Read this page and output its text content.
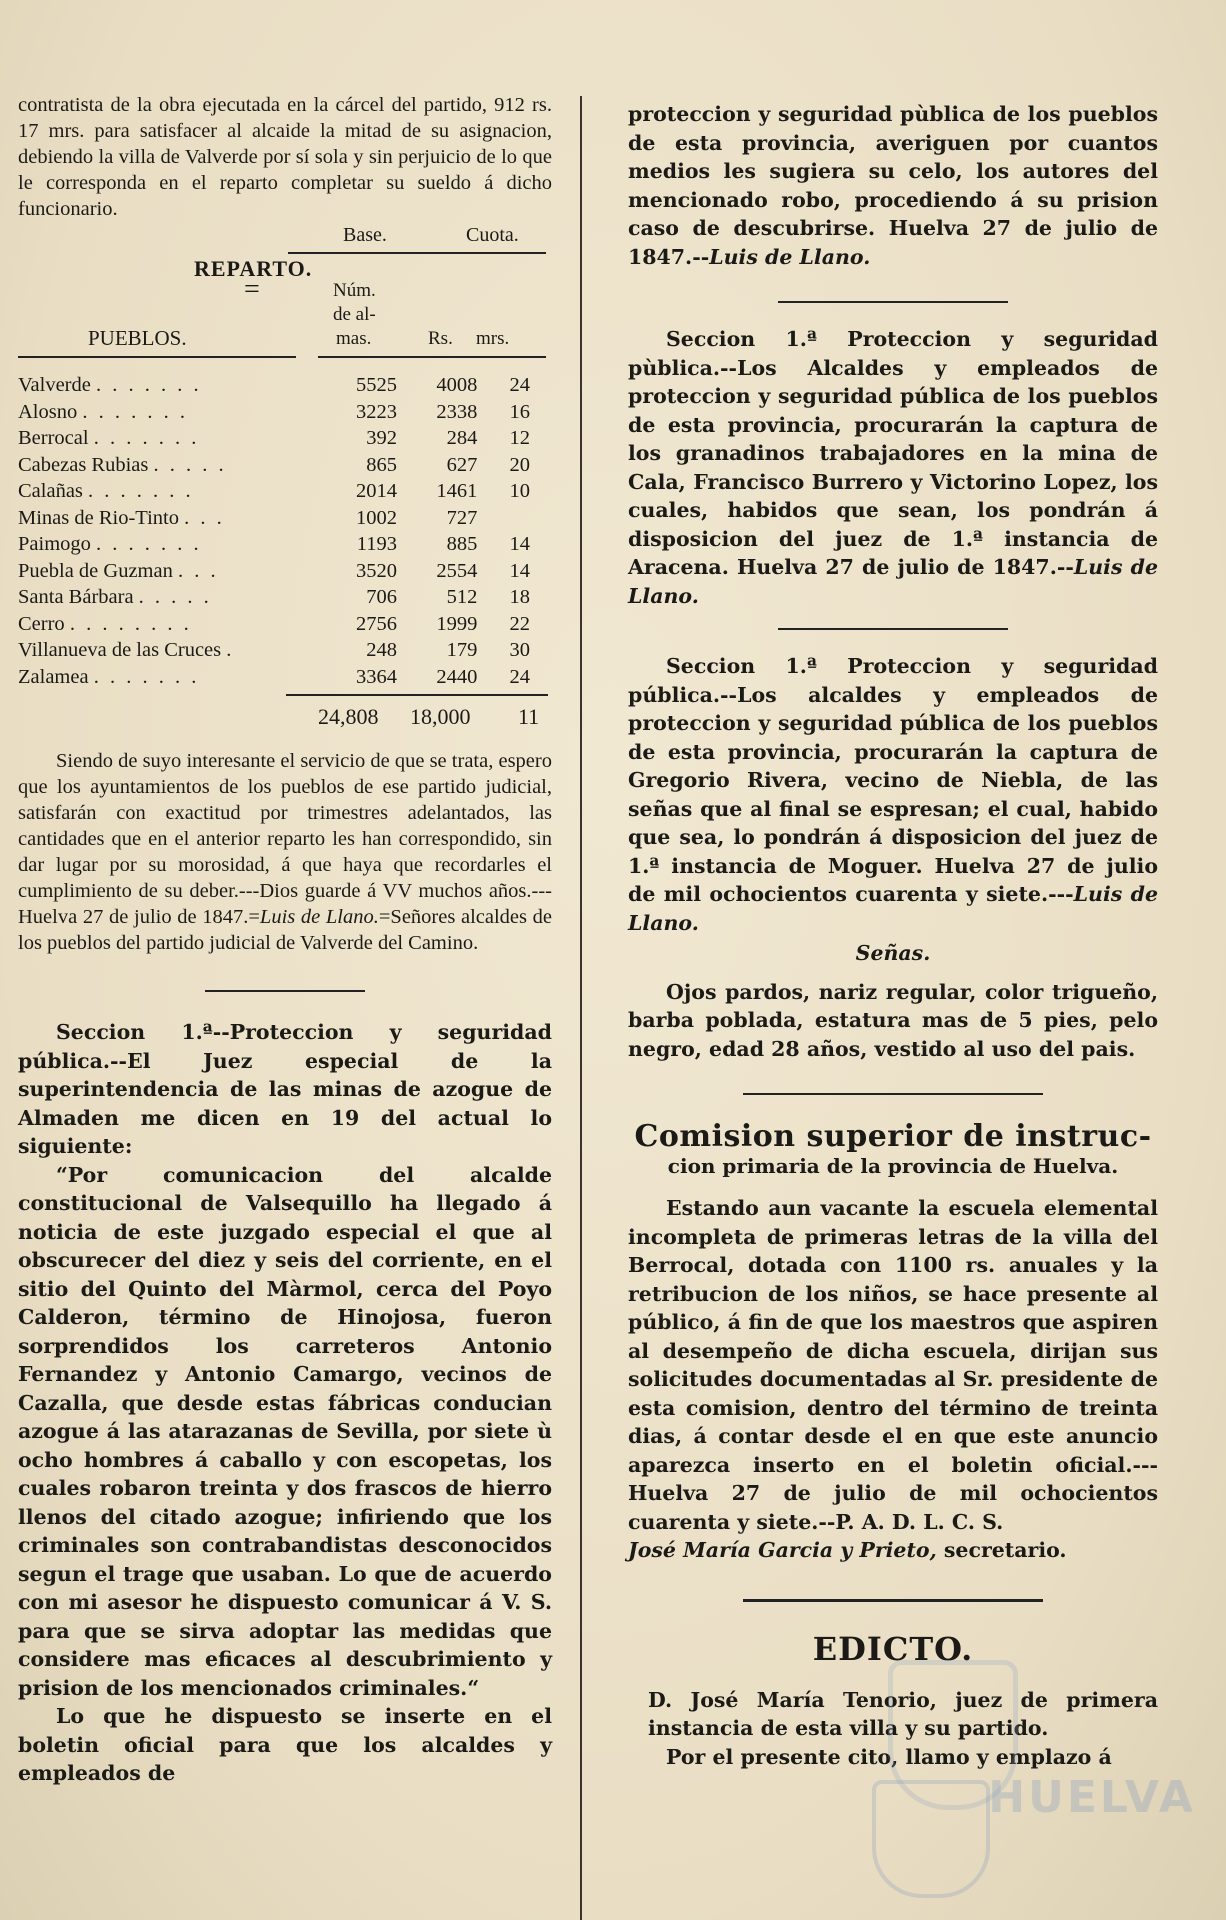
contratista de la obra ejecutada en la cárcel del partido, 912 rs. 17 mrs. para satisfacer al alcaide la mitad de su asignacion, debiendo la villa de Valverde por sí sola y sin perjuicio de lo que le corresponda en el reparto completar su sueldo á dicho funcionario.

Base.	Cuota.
REPARTO.
=	Núm.
de al-
mas.
PUEBLOS.	Rs. mrs.
Valverde . . . . . . .	5525	4008	24
Alosno . . . . . . .	3223	2338	16
Berrocal . . . . . . .	392	284	12
Cabezas Rubias . . . . .	865	627	20
Calañas . . . . . . .	2014	1461	10
Minas de Rio-Tinto . . .	1002	727	
Paimogo . . . . . . .	1193	885	14
Puebla de Guzman . . .	3520	2554	14
Santa Bárbara . . . . .	706	512	18
Cerro . . . . . . . .	2756	1999	22
Villanueva de las Cruces .	248	179	30
Zalamea . . . . . . .	3364	2440	24
24,808 18,000 11

Siendo de suyo interesante el servicio de que se trata, espero que los ayuntamientos de los pueblos de ese partido judicial, satisfarán con exactitud por trimestres adelantados, las cantidades que en el anterior reparto les han correspondido, sin dar lugar por su morosidad, á que haya que recordarles el cumplimiento de su deber.---Dios guarde á VV muchos años.---Huelva 27 de julio de 1847.=Luis de Llano.=Señores alcaldes de los pueblos del partido judicial de Valverde del Camino.

Seccion 1.ª--Proteccion y seguridad pública.--El Juez especial de la superintendencia de las minas de azogue de Almaden me dicen en 19 del actual lo siguiente:

“Por comunicacion del alcalde constitucional de Valsequillo ha llegado á noticia de este juzgado especial el que al obscurecer del diez y seis del corriente, en el sitio del Quinto del Màrmol, cerca del Poyo Calderon, término de Hinojosa, fueron sorprendidos los carreteros Antonio Fernandez y Antonio Camargo, vecinos de Cazalla, que desde estas fábricas conducian azogue á las atarazanas de Sevilla, por siete ù ocho hombres á caballo y con escopetas, los cuales robaron treinta y dos frascos de hierro llenos del citado azogue; infiriendo que los criminales son contrabandistas desconocidos segun el trage que usaban. Lo que de acuerdo con mi asesor he dispuesto comunicar á V. S. para que se sirva adoptar las medidas que considere mas eficaces al descubrimiento y prision de los mencionados criminales.“

Lo que he dispuesto se inserte en el boletin oficial para que los alcaldes y empleados de

proteccion y seguridad pùblica de los pueblos de esta provincia, averiguen por cuantos medios les sugiera su celo, los autores del mencionado robo, procediendo á su prision caso de descubrirse. Huelva 27 de julio de 1847.--Luis de Llano.

Seccion 1.ª Proteccion y seguridad pùblica.--Los Alcaldes y empleados de proteccion y seguridad pública de los pueblos de esta provincia, procurarán la captura de los granadinos trabajadores en la mina de Cala, Francisco Burrero y Victorino Lopez, los cuales, habidos que sean, los pondrán á disposicion del juez de 1.ª instancia de Aracena. Huelva 27 de julio de 1847.--Luis de Llano.

Seccion 1.ª Proteccion y seguridad pública.--Los alcaldes y empleados de proteccion y seguridad pública de los pueblos de esta provincia, procurarán la captura de Gregorio Rivera, vecino de Niebla, de las señas que al final se espresan; el cual, habido que sea, lo pondrán á disposicion del juez de 1.ª instancia de Moguer. Huelva 27 de julio de mil ochocientos cuarenta y siete.---Luis de Llano.

Señas.

Ojos pardos, nariz regular, color trigueño, barba poblada, estatura mas de 5 pies, pelo negro, edad 28 años, vestido al uso del pais.

Comision superior de instruc-
cion primaria de la provincia de Huelva.

Estando aun vacante la escuela elemental incompleta de primeras letras de la villa del Berrocal, dotada con 1100 rs. anuales y la retribucion de los niños, se hace presente al público, á fin de que los maestros que aspiren al desempeño de dicha escuela, dirijan sus solicitudes documentadas al Sr. presidente de esta comision, dentro del término de treinta dias, á contar desde el en que este anuncio aparezca inserto en el boletin oficial.---Huelva 27 de julio de mil ochocientos cuarenta y siete.--P. A. D. L. C. S.
José María Garcia y Prieto, secretario.

EDICTO.

D. José María Tenorio, juez de primera instancia de esta villa y su partido.

Por el presente cito, llamo y emplazo á

HUELVA
